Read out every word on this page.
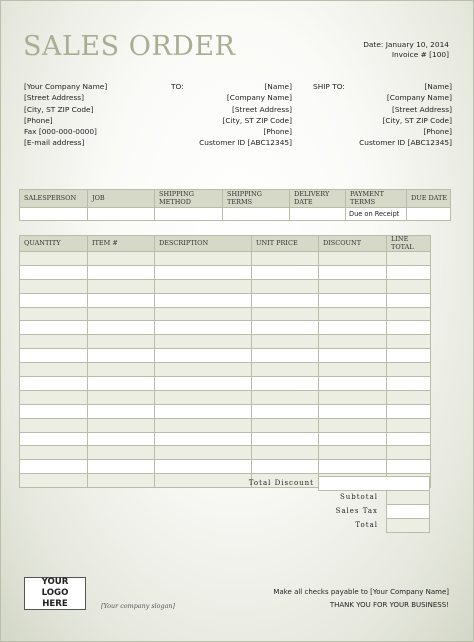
SALES ORDER	Date: January 10, 2014
Invoice # [100]
[Your Company Name]
[Street Address]
[City, ST ZIP Code]
[Phone]
Fax [000-000-0000]
[E-mail address]
TO:	[Name]
[Company Name]
[Street Address]
[City, ST ZIP Code]
[Phone]
Customer ID [ABC12345]
SHIP TO:	[Name]
[Company Name]
[Street Address]
[City, ST ZIP Code]
[Phone]
Customer ID [ABC12345]
SALESPERSON	JOB	SHIPPING METHOD	SHIPPING TERMS	DELIVERY DATE	PAYMENT TERMS	DUE DATE
					Due on Receipt	
QUANTITY	ITEM #	DESCRIPTION	UNIT PRICE	DISCOUNT	LINE TOTAL

Total Discount
Subtotal
Sales Tax
Total
YOUR LOGO HERE	[Your company slogan]
Make all checks payable to [Your Company Name]
THANK YOU FOR YOUR BUSINESS!
